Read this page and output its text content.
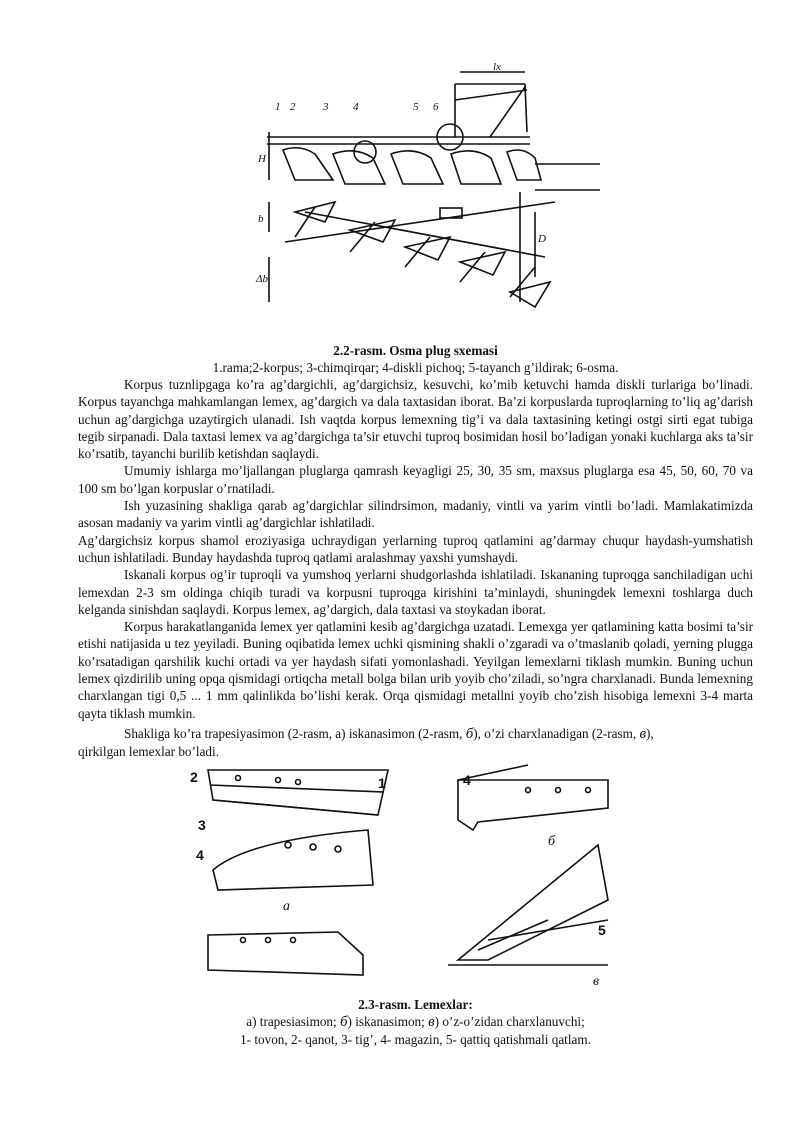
1 2	3 4	5 6
lx
H
b
D
Δb

2.2-rasm. Osma plug sxemasi

1.rama;2-korpus; 3-chimqirqar; 4-diskli pichoq; 5-tayanch g’ildirak; 6-osma.

Korpus tuznlipgaga ko’ra ag’dargichli, ag’dargichsiz, kesuvchi, ko’mib ketuvchi hamda diskli turlariga bo’linadi. Korpus tayanchga mahkamlangan lemex, ag’dargich va dala taxtasidan iborat. Ba’zi korpuslarda tuproqlarning to’liq ag’darish uchun ag’dargichga uzaytirgich ulanadi. Ish vaqtda korpus lemexning tig’i va dala taxtasining ketingi ostgi sirti egat tubiga tegib sirpanadi. Dala taxtasi lemex va ag’dargichga ta’sir etuvchi tuproq bosimidan hosil bo’ladigan yonaki kuchlarga aks ta’sir ko’rsatib, tayanchi burilib ketishdan saqlaydi.

Umumiy ishlarga mo’ljallangan pluglarga qamrash keyagligi 25, 30, 35 sm, maxsus pluglarga esa 45, 50, 60, 70 va 100 sm bo’lgan korpuslar o’rnatiladi.

Ish yuzasining shakliga qarab ag’dargichlar silindrsimon, madaniy, vintli va yarim vintli bo’ladi. Mamlakatimizda asosan madaniy va yarim vintli ag’dargichlar ishlatiladi.

Ag’dargichsiz korpus shamol eroziyasiga uchraydigan yerlarning tuproq qatlamini ag’darmay chuqur haydash-yumshatish uchun ishlatiladi. Bunday haydashda tuproq qatlami aralashmay yaxshi yumshaydi.

Iskanali korpus og’ir tuproqli va yumshoq yerlarni shudgorlashda ishlatiladi. Iskananing tuproqga sanchiladigan uchi lemexdan 2-3 sm oldinga chiqib turadi va korpusni tuproqga kirishini ta’minlaydi, shuningdek lemexni toshlarga duch kelganda sinishdan saqlaydi. Korpus lemex, ag’dargich, dala taxtasi va stoykadan iborat.

Korpus harakatlanganida lemex yer qatlamini kesib ag’dargichga uzatadi. Lemexga yer qatlamining katta bosimi ta’sir etishi natijasida u tez yeyiladi. Buning oqibatida lemex uchki qismining shakli o’zgaradi va o’tmaslanib qoladi, yerning plugga ko’rsatadigan qarshilik kuchi ortadi va yer haydash sifati yomonlashadi. Yeyilgan lemexlarni tiklash mumkin. Buning uchun lemex qizdirilib uning opqa qismidagi ortiqcha metall bolga bilan urib yoyib cho’ziladi, so’ngra charxlanadi. Bunda lemexning charxlangan tigi 0,5 ... 1 mm qalinlikda bo’lishi kerak. Orqa qismidagi metallni yoyib cho’zish hisobiga lemexni 3-4 marta qayta tiklash mumkin.

Shakliga ko’ra trapesiyasimon (2-rasm, a) iskanasimon (2-rasm, б), o’zi charxlanadigan (2-rasm, в),

qirkilgan lemexlar bo’ladi.

2	1
3
4
4
5
a
б
в

2.3-rasm. Lemexlar:

a) trapesiasimon; б) iskanasimon; в) o’z-o’zidan charxlanuvchi;

1- tovon, 2- qanot, 3- tig’, 4- magazin, 5- qattiq qatishmali qatlam.
